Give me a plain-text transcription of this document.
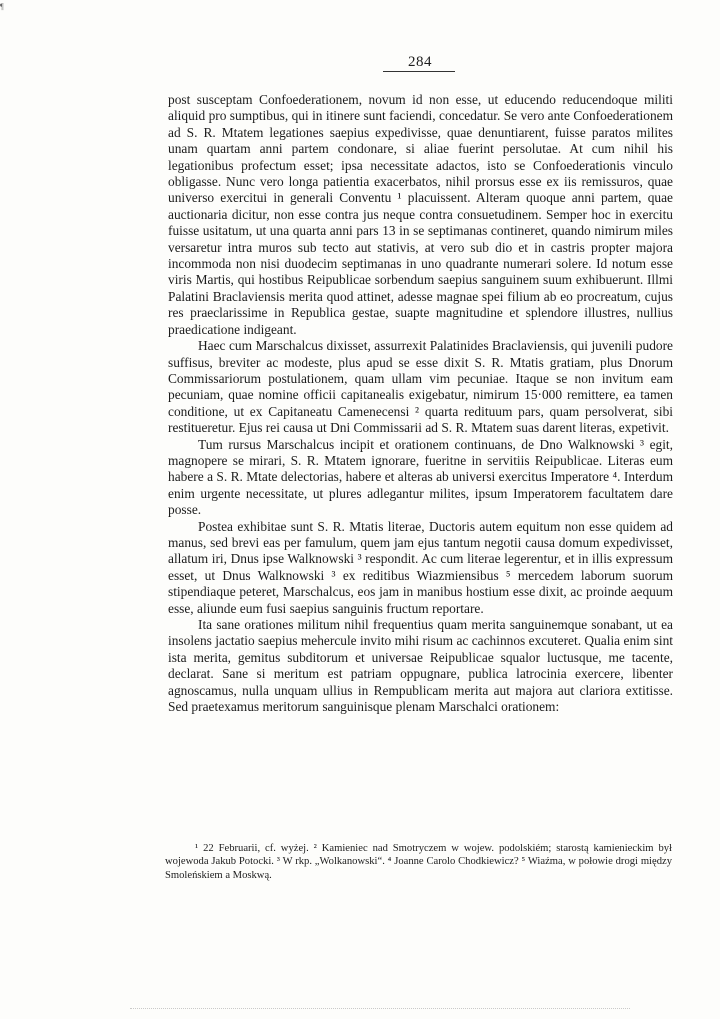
¶
284

post susceptam Confoederationem, novum id non esse, ut educendo reducendoque militi aliquid pro sumptibus, qui in itinere sunt faciendi, concedatur. Se vero ante Confoederationem ad S. R. Mtatem legationes saepius expedivisse, quae denuntiarent, fuisse paratos milites unam quartam anni partem condonare, si aliae fuerint persolutae. At cum nihil his legationibus profectum esset; ipsa necessitate adactos, isto se Confoederationis vinculo obligasse. Nunc vero longa patientia exacerbatos, nihil prorsus esse ex iis remissuros, quae universo exercitui in generali Conventu ¹ placuissent. Alteram quoque anni partem, quae auctionaria dicitur, non esse contra jus neque contra consuetudinem. Semper hoc in exercitu fuisse usitatum, ut una quarta anni pars 13 in se septimanas contineret, quando nimirum miles versaretur intra muros sub tecto aut stativis, at vero sub dio et in castris propter majora incommoda non nisi duodecim septimanas in uno quadrante numerari solere. Id notum esse viris Martis, qui hostibus Reipublicae sorbendum saepius sanguinem suum exhibuerunt. Illmi Palatini Braclaviensis merita quod attinet, adesse magnae spei filium ab eo procreatum, cujus res praeclarissime in Republica gestae, suapte magnitudine et splendore illustres, nullius praedicatione indigeant.

Haec cum Marschalcus dixisset, assurrexit Palatinides Braclaviensis, qui juvenili pudore suffisus, breviter ac modeste, plus apud se esse dixit S. R. Mtatis gratiam, plus Dnorum Commissariorum postulationem, quam ullam vim pecuniae. Itaque se non invitum eam pecuniam, quae nomine officii capitanealis exigebatur, nimirum 15·000 remittere, ea tamen conditione, ut ex Capitaneatu Camenecensi ² quarta redituum pars, quam persolverat, sibi restitueretur. Ejus rei causa ut Dni Commissarii ad S. R. Mtatem suas darent literas, expetivit.

Tum rursus Marschalcus incipit et orationem continuans, de Dno Walknowski ³ egit, magnopere se mirari, S. R. Mtatem ignorare, fueritne in servitiis Reipublicae. Literas eum habere a S. R. Mtate delectorias, habere et alteras ab universi exercitus Imperatore ⁴. Interdum enim urgente necessitate, ut plures adlegantur milites, ipsum Imperatorem facultatem dare posse.

Postea exhibitae sunt S. R. Mtatis literae, Ductoris autem equitum non esse quidem ad manus, sed brevi eas per famulum, quem jam ejus tantum negotii causa domum expedivisset, allatum iri, Dnus ipse Walknowski ³ respondit. Ac cum literae legerentur, et in illis expressum esset, ut Dnus Walknowski ³ ex reditibus Wiazmiensibus ⁵ mercedem laborum suorum stipendiaque peteret, Marschalcus, eos jam in manibus hostium esse dixit, ac proinde aequum esse, aliunde eum fusi saepius sanguinis fructum reportare.

Ita sane orationes militum nihil frequentius quam merita sanguinemque sonabant, ut ea insolens jactatio saepius mehercule invito mihi risum ac cachinnos excuteret. Qualia enim sint ista merita, gemitus subditorum et universae Reipublicae squalor luctusque, me tacente, declarat. Sane si meritum est patriam oppugnare, publica latrocinia exercere, libenter agnoscamus, nulla unquam ullius in Rempublicam merita aut majora aut clariora extitisse. Sed praetexamus meritorum sanguinisque plenam Marschalci orationem:

¹ 22 Februarii, cf. wyżej. ² Kamieniec nad Smotryczem w wojew. podolskiém; starostą kamienieckim był wojewoda Jakub Potocki. ³ W rkp. „Wolkanowski“. ⁴ Joanne Carolo Chodkiewicz? ⁵ Wiaźma, w połowie drogi między Smoleńskiem a Moskwą.
